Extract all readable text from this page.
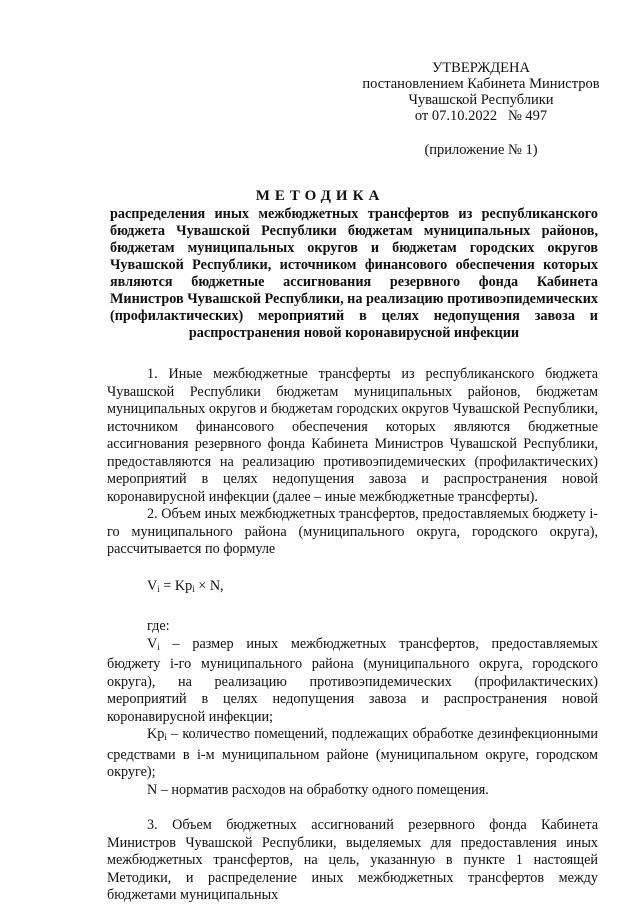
УТВЕРЖДЕНА
постановлением Кабинета Министров
Чувашской Республики
от 07.10.2022   № 497
(приложение № 1)
МЕТОДИКА
распределения иных межбюджетных трансфертов из республиканского бюджета Чувашской Республики бюджетам муниципальных районов, бюджетам муниципальных округов и бюджетам городских округов Чувашской Республики, источником финансового обеспечения которых являются бюджетные ассигнования резервного фонда Кабинета Министров Чувашской Республики, на реализацию противоэпидемических (профилактических) мероприятий в целях недопущения завоза и распространения новой коронавирусной инфекции

1. Иные межбюджетные трансферты из республиканского бюджета Чувашской Республики бюджетам муниципальных районов, бюджетам муниципальных округов и бюджетам городских округов Чувашской Республики, источником финансового обеспечения которых являются бюджетные ассигнования резервного фонда Кабинета Министров Чувашской Республики, предоставляются на реализацию противоэпидемических (профилактических) мероприятий в целях недопущения завоза и распространения новой коронавирусной инфекции (далее – иные межбюджетные трансферты).

2. Объем иных межбюджетных трансфертов, предоставляемых бюджету i-го муниципального района (муниципального округа, городского округа), рассчитывается по формуле

$V_i = Kp_i \times N$,

где:

$V_i$ – размер иных межбюджетных трансфертов, предоставляемых бюджету i-го муниципального района (муниципального округа, городского округа), на реализацию противоэпидемических (профилактических) мероприятий в целях недопущения завоза и распространения новой коронавирусной инфекции;

$Kp_i$ – количество помещений, подлежащих обработке дезинфекционными средствами в i-м муниципальном районе (муниципальном округе, городском округе);

N – норматив расходов на обработку одного помещения.

3. Объем бюджетных ассигнований резервного фонда Кабинета Министров Чувашской Республики, выделяемых для предоставления иных межбюджетных трансфертов, на цель, указанную в пункте 1 настоящей Методики, и распределение иных межбюджетных трансфертов между бюджетами муниципальных
